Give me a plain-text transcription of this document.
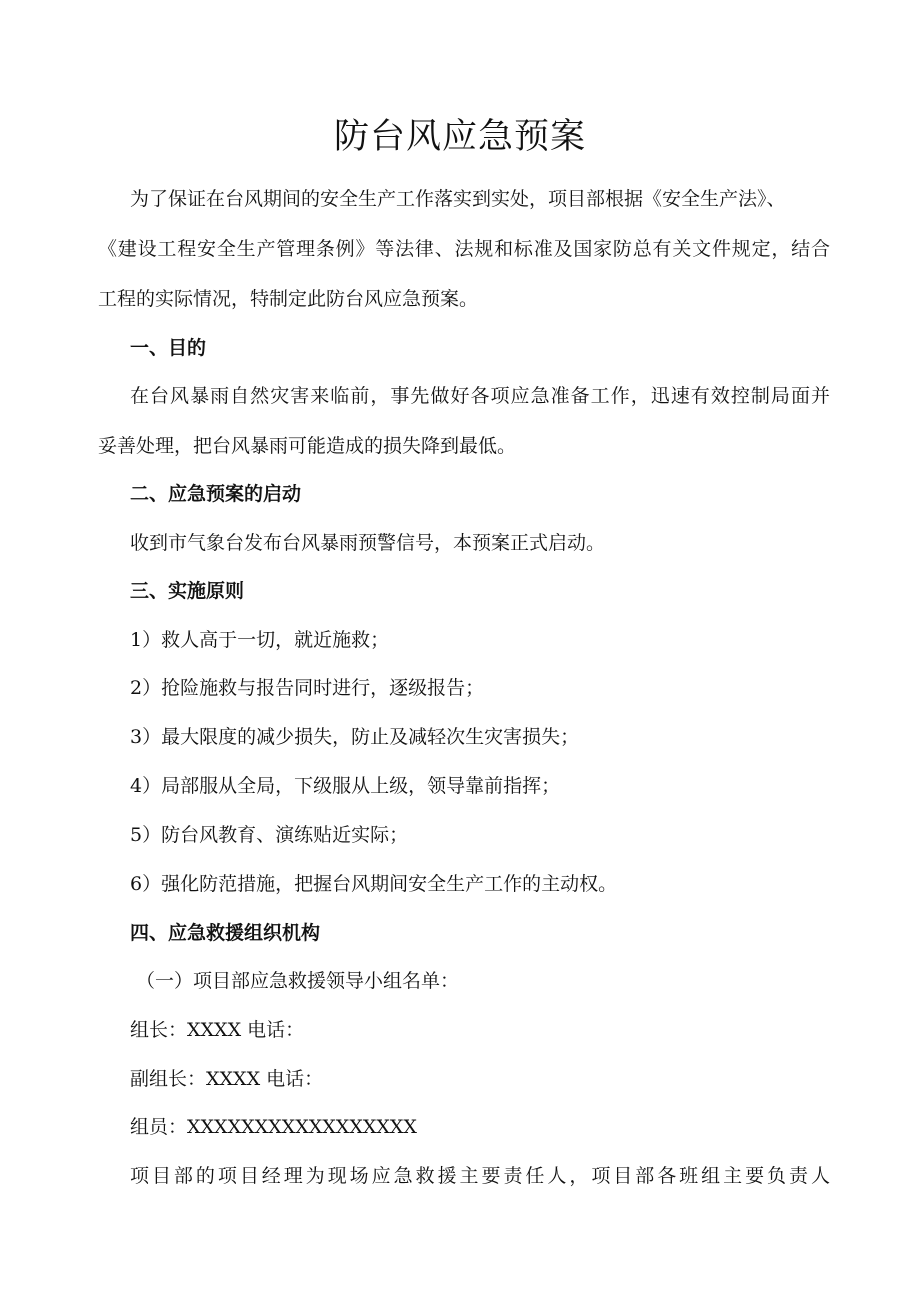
防台风应急预案
为了保证在台风期间的安全生产工作落实到实处，项目部根据《安全生产法》、
《建设工程安全生产管理条例》等法律、法规和标准及国家防总有关文件规定，结合
工程的实际情况，特制定此防台风应急预案。
一、目的
在台风暴雨自然灾害来临前，事先做好各项应急准备工作，迅速有效控制局面并
妥善处理，把台风暴雨可能造成的损失降到最低。
二、应急预案的启动
收到市气象台发布台风暴雨预警信号，本预案正式启动。
三、实施原则
1）救人高于一切，就近施救；
2）抢险施救与报告同时进行，逐级报告；
3）最大限度的减少损失，防止及减轻次生灾害损失；
4）局部服从全局，下级服从上级，领导靠前指挥；
5）防台风教育、演练贴近实际；
6）强化防范措施，把握台风期间安全生产工作的主动权。
四、应急救援组织机构
（一）项目部应急救援领导小组名单：
组长：XXXX 电话：
副组长：XXXX 电话：
组员：XXXXXXXXXXXXXXXXX
项目部的项目经理为现场应急救援主要责任人，项目部各班组主要负责人
